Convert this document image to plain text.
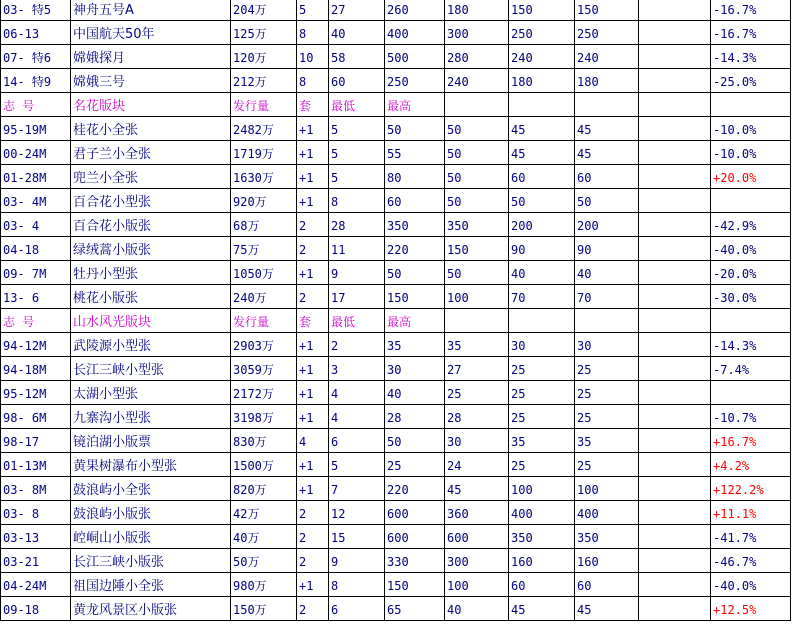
03- 特5	神舟五号A	204万	5	27	260	180	150	150		-16.7%
06-13	中国航天50年	125万	8	40	400	300	250	250		-16.7%
07- 特6	嫦娥探月	120万	10	58	500	280	240	240		-14.3%
14- 特9	嫦娥三号	212万	8	60	250	240	180	180		-25.0%
志 号	名花版块	发行量	套	最低	最高					
95-19M	桂花小全张	2482万	+1	5	50	50	45	45		-10.0%
00-24M	君子兰小全张	1719万	+1	5	55	50	45	45		-10.0%
01-28M	兜兰小全张	1630万	+1	5	80	50	60	60		+20.0%
03- 4M	百合花小型张	920万	+1	8	60	50	50	50		
03- 4	百合花小版张	68万	2	28	350	350	200	200		-42.9%
04-18	绿绒蒿小版张	75万	2	11	220	150	90	90		-40.0%
09- 7M	牡丹小型张	1050万	+1	9	50	50	40	40		-20.0%
13- 6	桃花小版张	240万	2	17	150	100	70	70		-30.0%
志 号	山水风光版块	发行量	套	最低	最高					
94-12M	武陵源小型张	2903万	+1	2	35	35	30	30		-14.3%
94-18M	长江三峡小型张	3059万	+1	3	30	27	25	25		-7.4%
95-12M	太湖小型张	2172万	+1	4	40	25	25	25		
98- 6M	九寨沟小型张	3198万	+1	4	28	28	25	25		-10.7%
98-17	镜泊湖小版票	830万	4	6	50	30	35	35		+16.7%
01-13M	黄果树瀑布小型张	1500万	+1	5	25	24	25	25		+4.2%
03- 8M	鼓浪屿小全张	820万	+1	7	220	45	100	100		+122.2%
03- 8	鼓浪屿小版张	42万	2	12	600	360	400	400		+11.1%
03-13	崆峒山小版张	40万	2	15	600	600	350	350		-41.7%
03-21	长江三峡小版张	50万	2	9	330	300	160	160		-46.7%
04-24M	祖国边陲小全张	980万	+1	8	150	100	60	60		-40.0%
09-18	黄龙风景区小版张	150万	2	6	65	40	45	45		+12.5%
